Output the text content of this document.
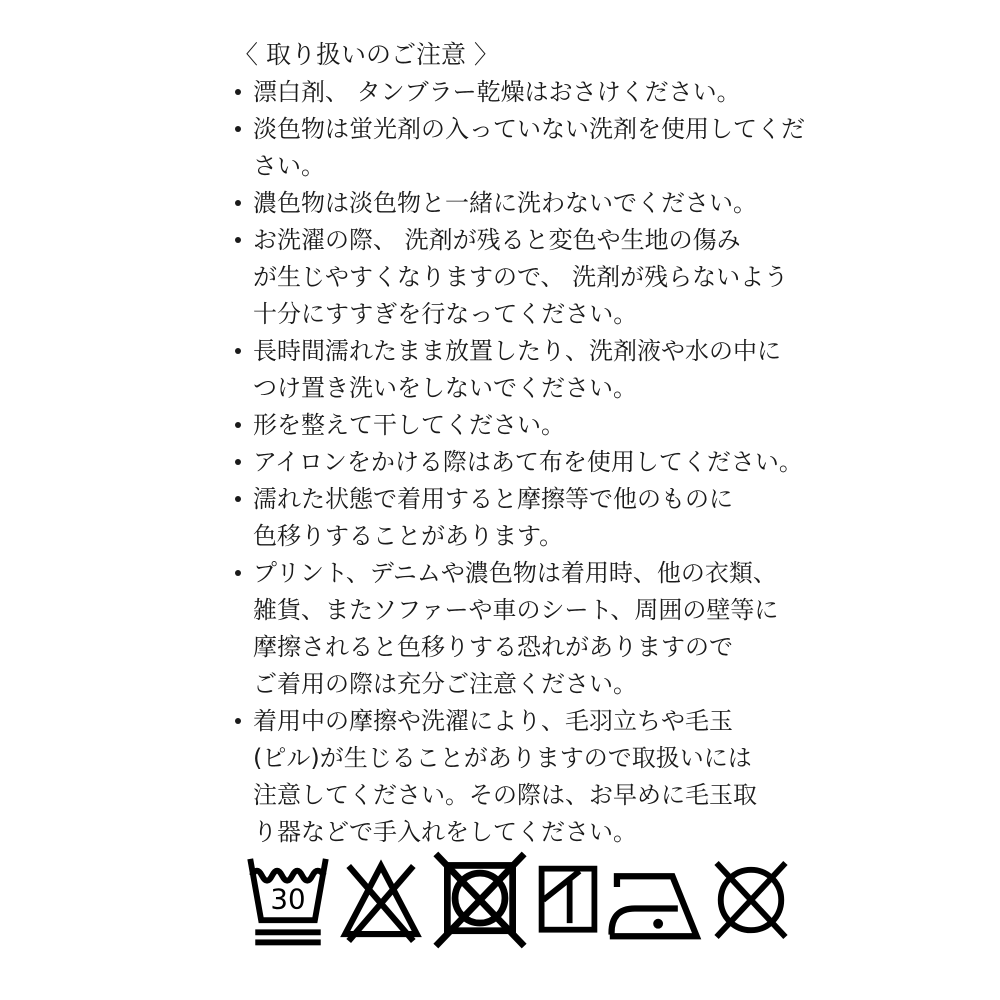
〈 取り扱いのご注意 〉
漂白剤、 タンブラー乾燥はおさけください。
淡色物は蛍光剤の入っていない洗剤を使用してください。
濃色物は淡色物と一緒に洗わないでください。
お洗濯の際、 洗剤が残ると変色や生地の傷み
が生じやすくなりますので、 洗剤が残らないよう
十分にすすぎを行なってください。
長時間濡れたまま放置したり、洗剤液や水の中に
つけ置き洗いをしないでください。
形を整えて干してください。
アイロンをかける際はあて布を使用してください。
濡れた状態で着用すると摩擦等で他のものに
色移りすることがあります。
プリント、デニムや濃色物は着用時、他の衣類、
雑貨、またソファーや車のシート、周囲の壁等に
摩擦されると色移りする恐れがありますので
ご着用の際は充分ご注意ください。
着用中の摩擦や洗濯により、毛羽立ちや毛玉
(ピル)が生じることがありますので取扱いには
注意してください。その際は、お早めに毛玉取
り器などで手入れをしてください。
30
